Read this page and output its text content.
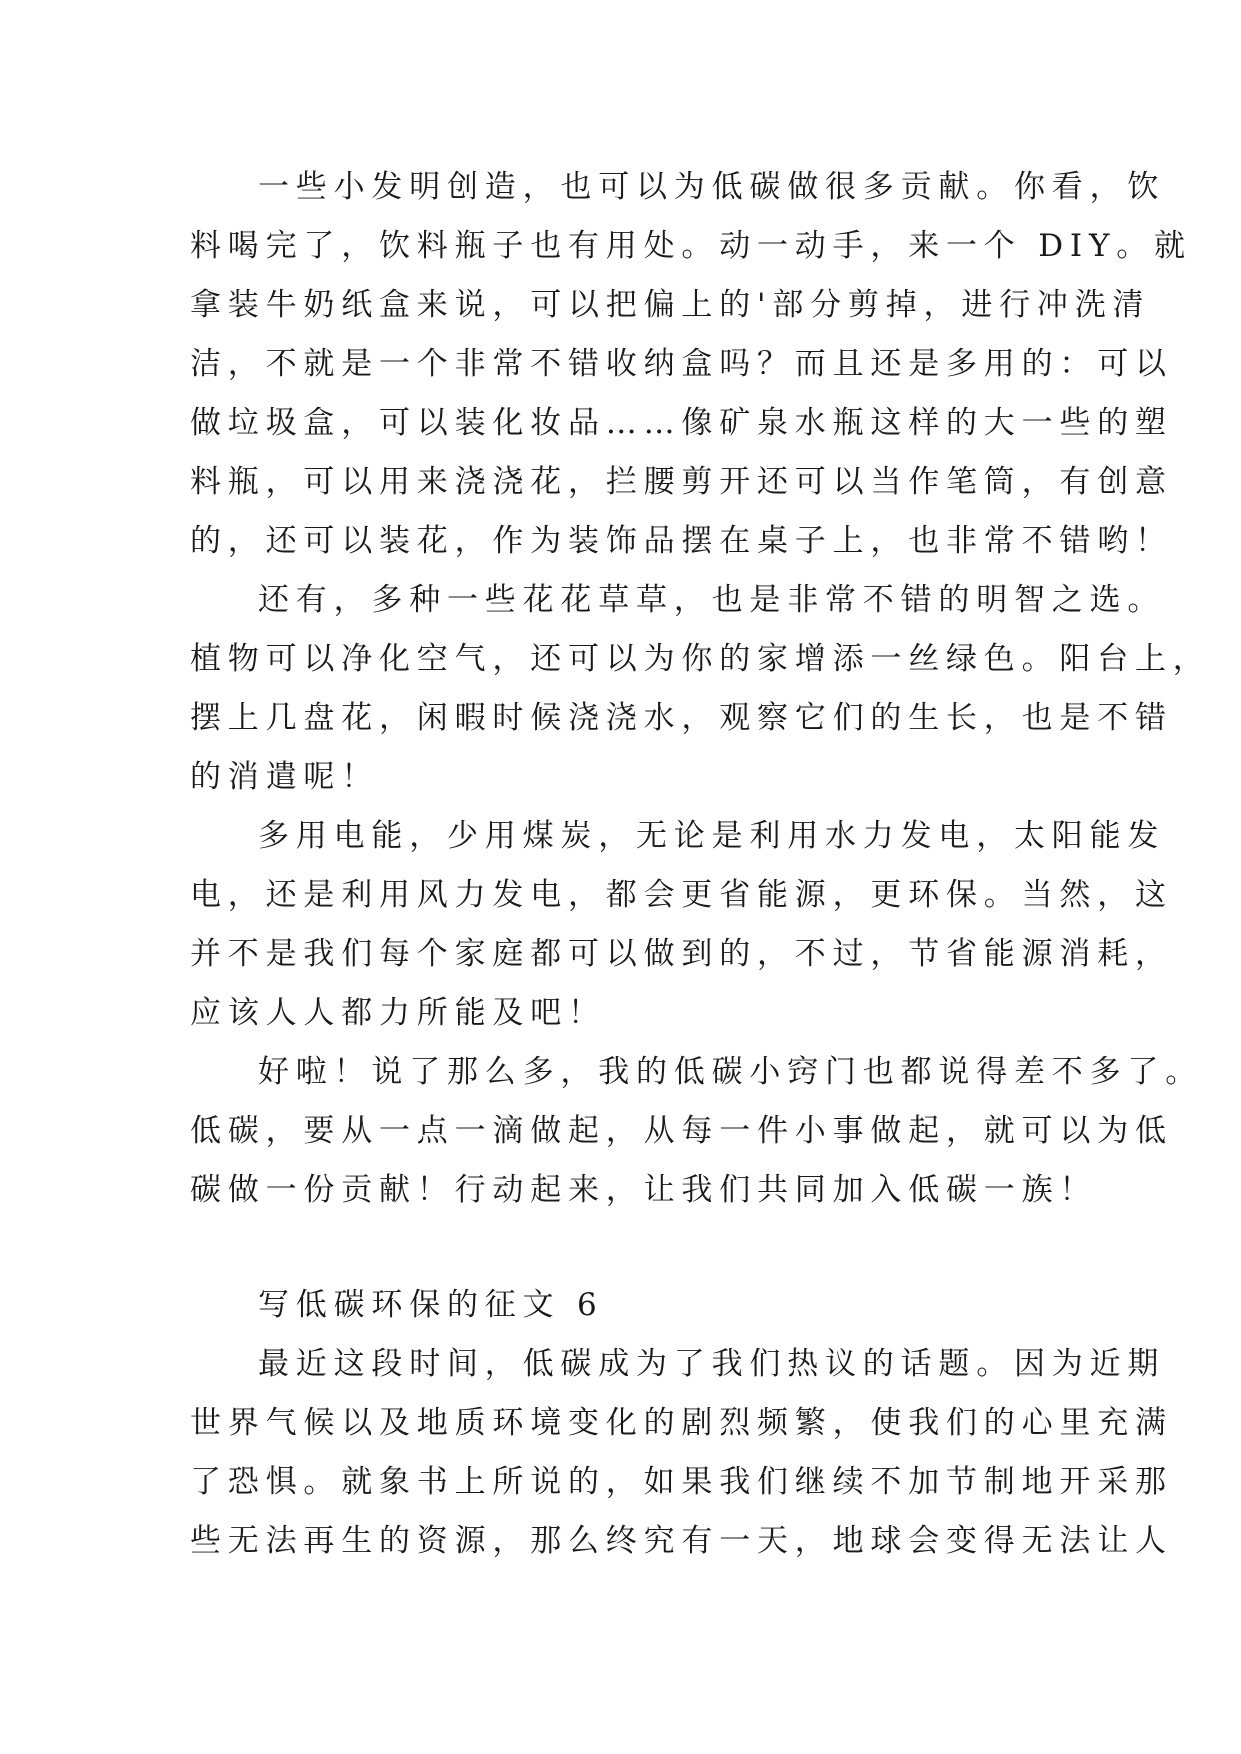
一些小发明创造，也可以为低碳做很多贡献。你看，饮
料喝完了，饮料瓶子也有用处。动一动手，来一个 DIY。就
拿装牛奶纸盒来说，可以把偏上的'部分剪掉，进行冲洗清
洁，不就是一个非常不错收纳盒吗？而且还是多用的：可以
做垃圾盒，可以装化妆品……像矿泉水瓶这样的大一些的塑
料瓶，可以用来浇浇花，拦腰剪开还可以当作笔筒，有创意
的，还可以装花，作为装饰品摆在桌子上，也非常不错哟！
还有，多种一些花花草草，也是非常不错的明智之选。
植物可以净化空气，还可以为你的家增添一丝绿色。阳台上，
摆上几盘花，闲暇时候浇浇水，观察它们的生长，也是不错
的消遣呢！
多用电能，少用煤炭，无论是利用水力发电，太阳能发
电，还是利用风力发电，都会更省能源，更环保。当然，这
并不是我们每个家庭都可以做到的，不过，节省能源消耗，
应该人人都力所能及吧！
好啦！说了那么多，我的低碳小窍门也都说得差不多了。
低碳，要从一点一滴做起，从每一件小事做起，就可以为低
碳做一份贡献！行动起来，让我们共同加入低碳一族！
写低碳环保的征文 6
最近这段时间，低碳成为了我们热议的话题。因为近期
世界气候以及地质环境变化的剧烈频繁，使我们的心里充满
了恐惧。就象书上所说的，如果我们继续不加节制地开采那
些无法再生的资源，那么终究有一天，地球会变得无法让人
